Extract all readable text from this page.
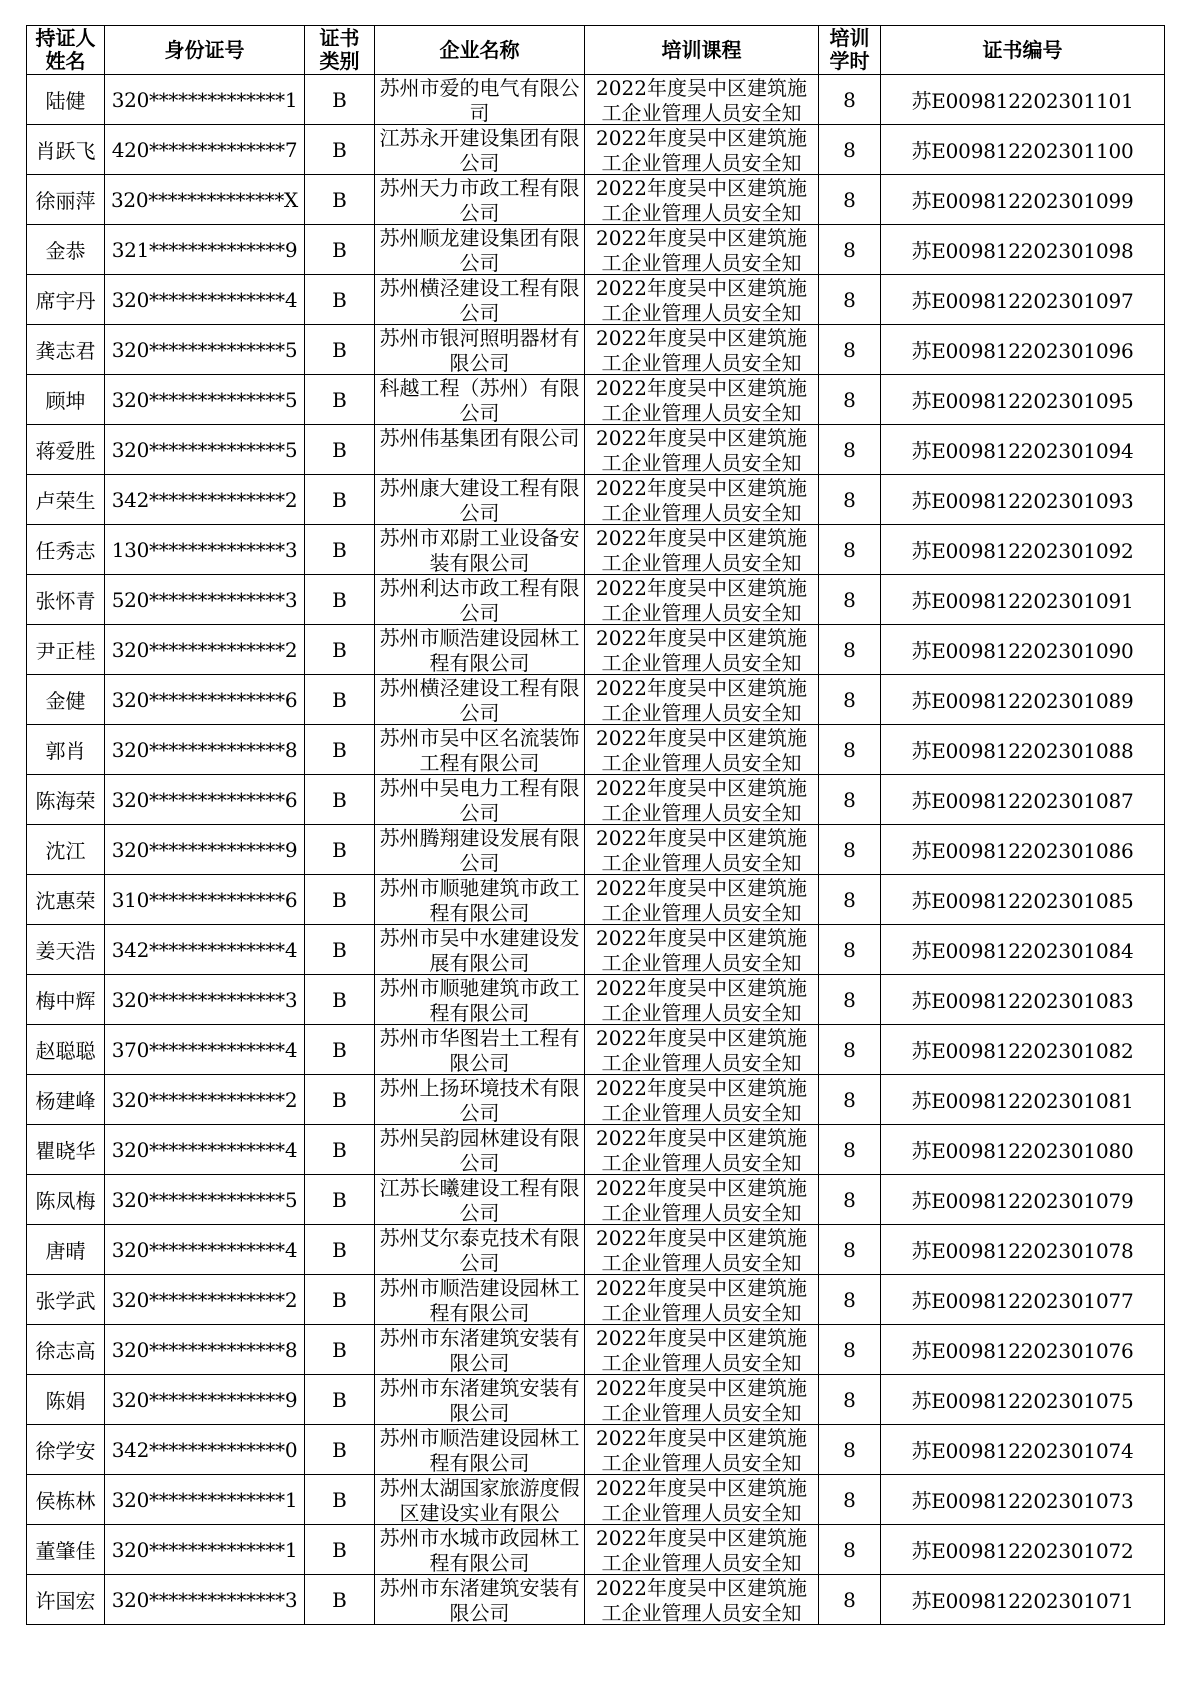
持证人姓名	身份证号	证书类别	企业名称	培训课程	培训学时	证书编号
陆健	320**************1	B	苏州市爱的电气有限公司	2022年度吴中区建筑施工企业管理人员安全知	8	苏E009812202301101
肖跃飞	420**************7	B	江苏永开建设集团有限公司	2022年度吴中区建筑施工企业管理人员安全知	8	苏E009812202301100
徐丽萍	320**************X	B	苏州天力市政工程有限公司	2022年度吴中区建筑施工企业管理人员安全知	8	苏E009812202301099
金恭	321**************9	B	苏州顺龙建设集团有限公司	2022年度吴中区建筑施工企业管理人员安全知	8	苏E009812202301098
席宇丹	320**************4	B	苏州横泾建设工程有限公司	2022年度吴中区建筑施工企业管理人员安全知	8	苏E009812202301097
龚志君	320**************5	B	苏州市银河照明器材有限公司	2022年度吴中区建筑施工企业管理人员安全知	8	苏E009812202301096
顾坤	320**************5	B	科越工程（苏州）有限公司	2022年度吴中区建筑施工企业管理人员安全知	8	苏E009812202301095
蒋爱胜	320**************5	B	苏州伟基集团有限公司	2022年度吴中区建筑施工企业管理人员安全知	8	苏E009812202301094
卢荣生	342**************2	B	苏州康大建设工程有限公司	2022年度吴中区建筑施工企业管理人员安全知	8	苏E009812202301093
任秀志	130**************3	B	苏州市邓尉工业设备安装有限公司	2022年度吴中区建筑施工企业管理人员安全知	8	苏E009812202301092
张怀青	520**************3	B	苏州利达市政工程有限公司	2022年度吴中区建筑施工企业管理人员安全知	8	苏E009812202301091
尹正桂	320**************2	B	苏州市顺浩建设园林工程有限公司	2022年度吴中区建筑施工企业管理人员安全知	8	苏E009812202301090
金健	320**************6	B	苏州横泾建设工程有限公司	2022年度吴中区建筑施工企业管理人员安全知	8	苏E009812202301089
郭肖	320**************8	B	苏州市吴中区名流装饰工程有限公司	2022年度吴中区建筑施工企业管理人员安全知	8	苏E009812202301088
陈海荣	320**************6	B	苏州中吴电力工程有限公司	2022年度吴中区建筑施工企业管理人员安全知	8	苏E009812202301087
沈江	320**************9	B	苏州腾翔建设发展有限公司	2022年度吴中区建筑施工企业管理人员安全知	8	苏E009812202301086
沈惠荣	310**************6	B	苏州市顺驰建筑市政工程有限公司	2022年度吴中区建筑施工企业管理人员安全知	8	苏E009812202301085
姜天浩	342**************4	B	苏州市吴中水建建设发展有限公司	2022年度吴中区建筑施工企业管理人员安全知	8	苏E009812202301084
梅中辉	320**************3	B	苏州市顺驰建筑市政工程有限公司	2022年度吴中区建筑施工企业管理人员安全知	8	苏E009812202301083
赵聪聪	370**************4	B	苏州市华图岩土工程有限公司	2022年度吴中区建筑施工企业管理人员安全知	8	苏E009812202301082
杨建峰	320**************2	B	苏州上扬环境技术有限公司	2022年度吴中区建筑施工企业管理人员安全知	8	苏E009812202301081
瞿晓华	320**************4	B	苏州吴韵园林建设有限公司	2022年度吴中区建筑施工企业管理人员安全知	8	苏E009812202301080
陈凤梅	320**************5	B	江苏长曦建设工程有限公司	2022年度吴中区建筑施工企业管理人员安全知	8	苏E009812202301079
唐晴	320**************4	B	苏州艾尔泰克技术有限公司	2022年度吴中区建筑施工企业管理人员安全知	8	苏E009812202301078
张学武	320**************2	B	苏州市顺浩建设园林工程有限公司	2022年度吴中区建筑施工企业管理人员安全知	8	苏E009812202301077
徐志高	320**************8	B	苏州市东渚建筑安装有限公司	2022年度吴中区建筑施工企业管理人员安全知	8	苏E009812202301076
陈娟	320**************9	B	苏州市东渚建筑安装有限公司	2022年度吴中区建筑施工企业管理人员安全知	8	苏E009812202301075
徐学安	342**************0	B	苏州市顺浩建设园林工程有限公司	2022年度吴中区建筑施工企业管理人员安全知	8	苏E009812202301074
侯栋林	320**************1	B	苏州太湖国家旅游度假区建设实业有限公	2022年度吴中区建筑施工企业管理人员安全知	8	苏E009812202301073
董肇佳	320**************1	B	苏州市水城市政园林工程有限公司	2022年度吴中区建筑施工企业管理人员安全知	8	苏E009812202301072
许国宏	320**************3	B	苏州市东渚建筑安装有限公司	2022年度吴中区建筑施工企业管理人员安全知	8	苏E009812202301071
